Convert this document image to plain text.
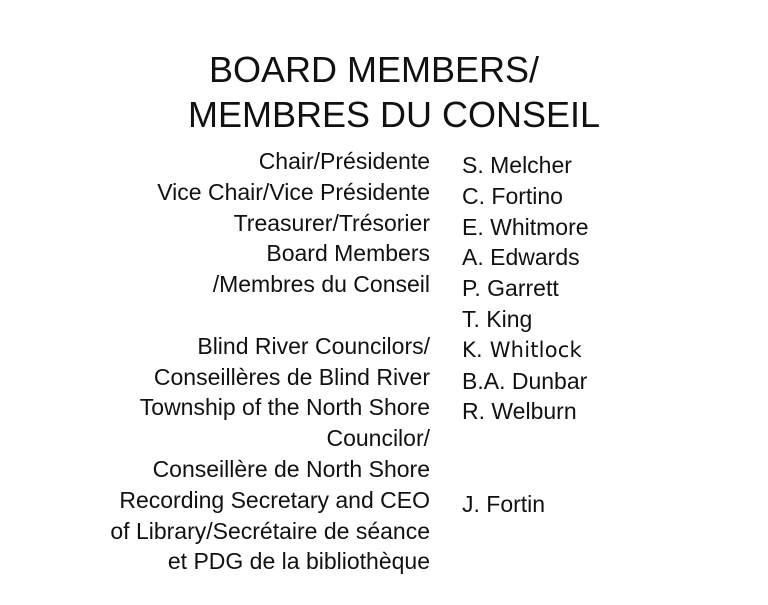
BOARD MEMBERS/
MEMBRES DU CONSEIL
Chair/Présidente
Vice Chair/Vice Présidente
Treasurer/Trésorier
Board Members
/Membres du Conseil
Blind River Councilors/
Conseillères de Blind River
Township of the North Shore
Councilor/
Conseillère de North Shore
Recording Secretary and CEO
of Library/Secrétaire de séance
et PDG de la bibliothèque
S. Melcher
C. Fortino
E. Whitmore
A. Edwards
P. Garrett
T. King
K. Whitlock
B.A. Dunbar
R. Welburn
J. Fortin
